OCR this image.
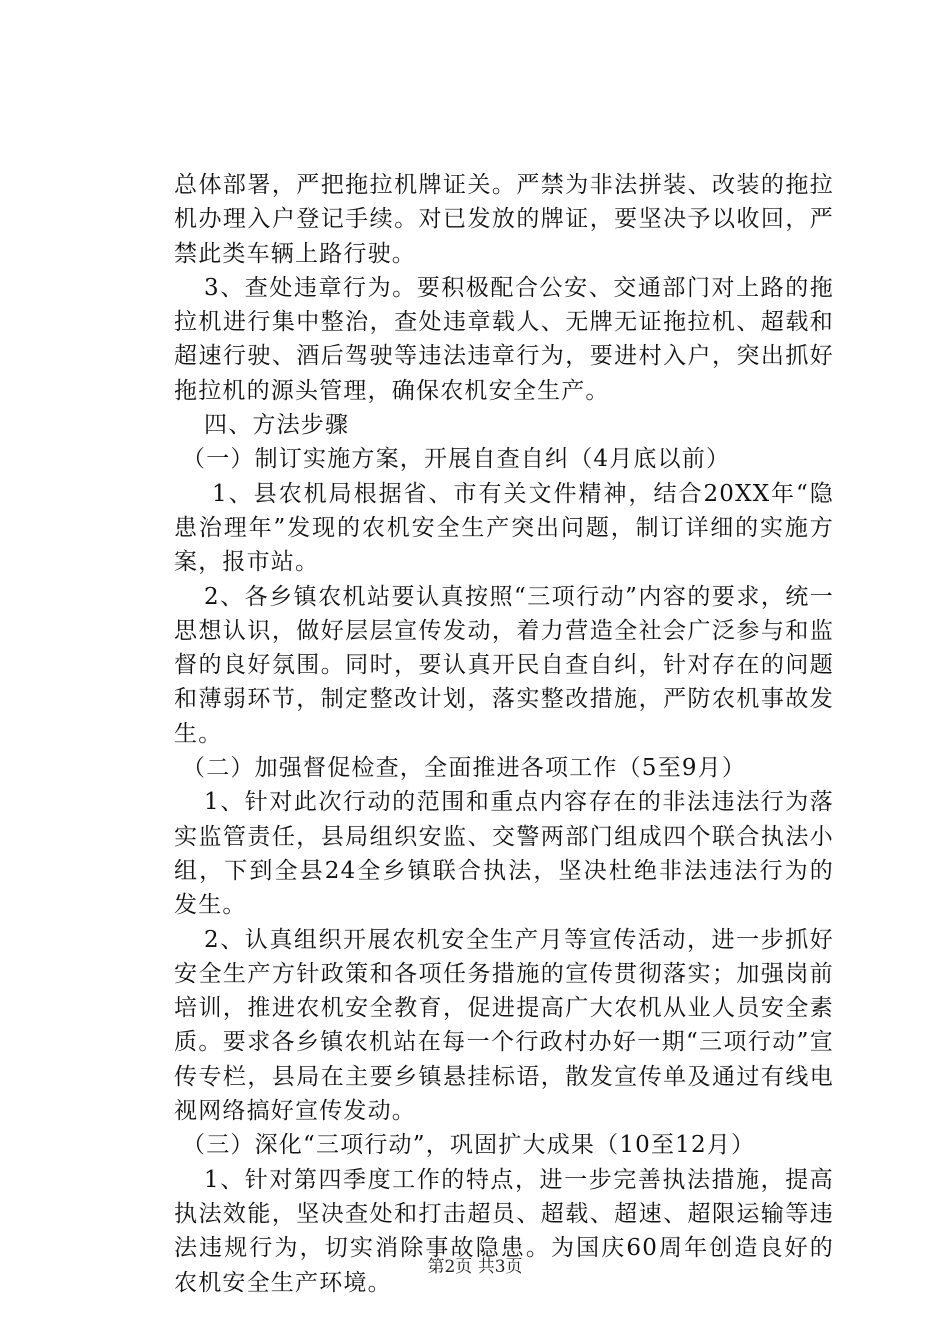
总体部署，严把拖拉机牌证关。严禁为非法拼装、改装的拖拉机办理入户登记手续。对已发放的牌证，要坚决予以收回，严禁此类车辆上路行驶。

3、查处违章行为。要积极配合公安、交通部门对上路的拖拉机进行集中整治，查处违章载人、无牌无证拖拉机、超载和超速行驶、酒后驾驶等违法违章行为，要进村入户，突出抓好拖拉机的源头管理，确保农机安全生产。

四、方法步骤

（一）制订实施方案，开展自查自纠（4月底以前）

1、县农机局根据省、市有关文件精神，结合20XX年“隐患治理年”发现的农机安全生产突出问题，制订详细的实施方案，报市站。

2、各乡镇农机站要认真按照“三项行动”内容的要求，统一思想认识，做好层层宣传发动，着力营造全社会广泛参与和监督的良好氛围。同时，要认真开民自查自纠，针对存在的问题和薄弱环节，制定整改计划，落实整改措施，严防农机事故发生。

（二）加强督促检查，全面推进各项工作（5至9月）

1、针对此次行动的范围和重点内容存在的非法违法行为落实监管责任，县局组织安监、交警两部门组成四个联合执法小组，下到全县24全乡镇联合执法，坚决杜绝非法违法行为的发生。

2、认真组织开展农机安全生产月等宣传活动，进一步抓好安全生产方针政策和各项任务措施的宣传贯彻落实；加强岗前培训，推进农机安全教育，促进提高广大农机从业人员安全素质。要求各乡镇农机站在每一个行政村办好一期“三项行动”宣传专栏，县局在主要乡镇悬挂标语，散发宣传单及通过有线电视网络搞好宣传发动。

（三）深化“三项行动”，巩固扩大成果（10至12月）

1、针对第四季度工作的特点，进一步完善执法措施，提高执法效能，坚决查处和打击超员、超载、超速、超限运输等违法违规行为，切实消除事故隐患。为国庆60周年创造良好的农机安全生产环境。

第2页 共3页
